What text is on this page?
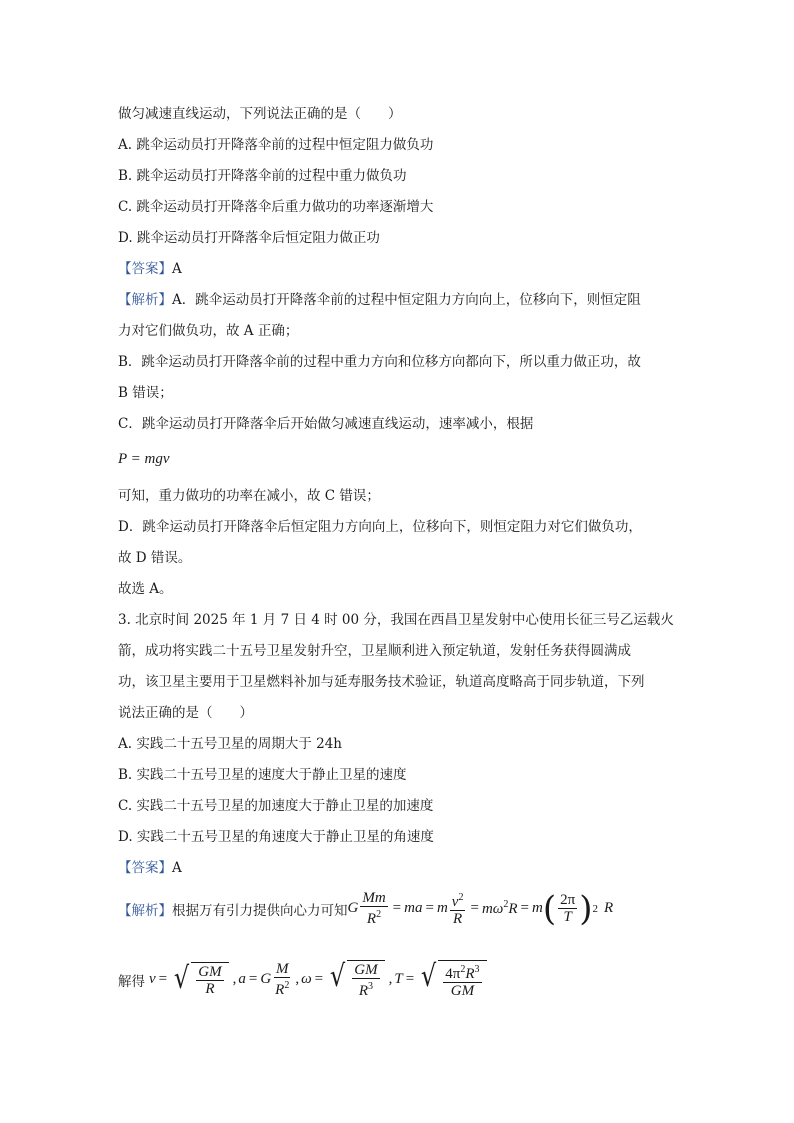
做匀减速直线运动，下列说法正确的是（　　）
A. 跳伞运动员打开降落伞前的过程中恒定阻力做负功
B. 跳伞运动员打开降落伞前的过程中重力做负功
C. 跳伞运动员打开降落伞后重力做功的功率逐渐增大
D. 跳伞运动员打开降落伞后恒定阻力做正功
【答案】A
【解析】A．跳伞运动员打开降落伞前的过程中恒定阻力方向向上，位移向下，则恒定阻
力对它们做负功，故 A 正确；
B．跳伞运动员打开降落伞前的过程中重力方向和位移方向都向下，所以重力做正功，故
B 错误；
C．跳伞运动员打开降落伞后开始做匀减速直线运动，速率减小，根据
P = mgv
可知，重力做功的功率在减小，故 C 错误；
D．跳伞运动员打开降落伞后恒定阻力方向向上，位移向下，则恒定阻力对它们做负功，
故 D 错误。
故选 A。
3. 北京时间 2025 年 1 月 7 日 4 时 00 分，我国在西昌卫星发射中心使用长征三号乙运载火
箭，成功将实践二十五号卫星发射升空，卫星顺利进入预定轨道，发射任务获得圆满成
功，该卫星主要用于卫星燃料补加与延寿服务技术验证，轨道高度略高于同步轨道，下列
说法正确的是（　　）
A. 实践二十五号卫星的周期大于 24h
B. 实践二十五号卫星的速度大于静止卫星的速度
C. 实践二十五号卫星的加速度大于静止卫星的加速度
D. 实践二十五号卫星的角速度大于静止卫星的角速度
【答案】A
【解析】根据万有引力提供向心力可知 G $\frac{Mm}{R^2}$ = ma = m $\frac{v^2}{R} = m\omega^2R = m$ ( $\frac{2\pi}{T}$ ) 2 R
解得 v = √ $\frac{GM}{R}$ , a = G $\frac{M}{R^2}$ , ω = √ $\frac{GM}{R^3}$ , T = √ $\frac{4\pi^2R^3}{GM}$
